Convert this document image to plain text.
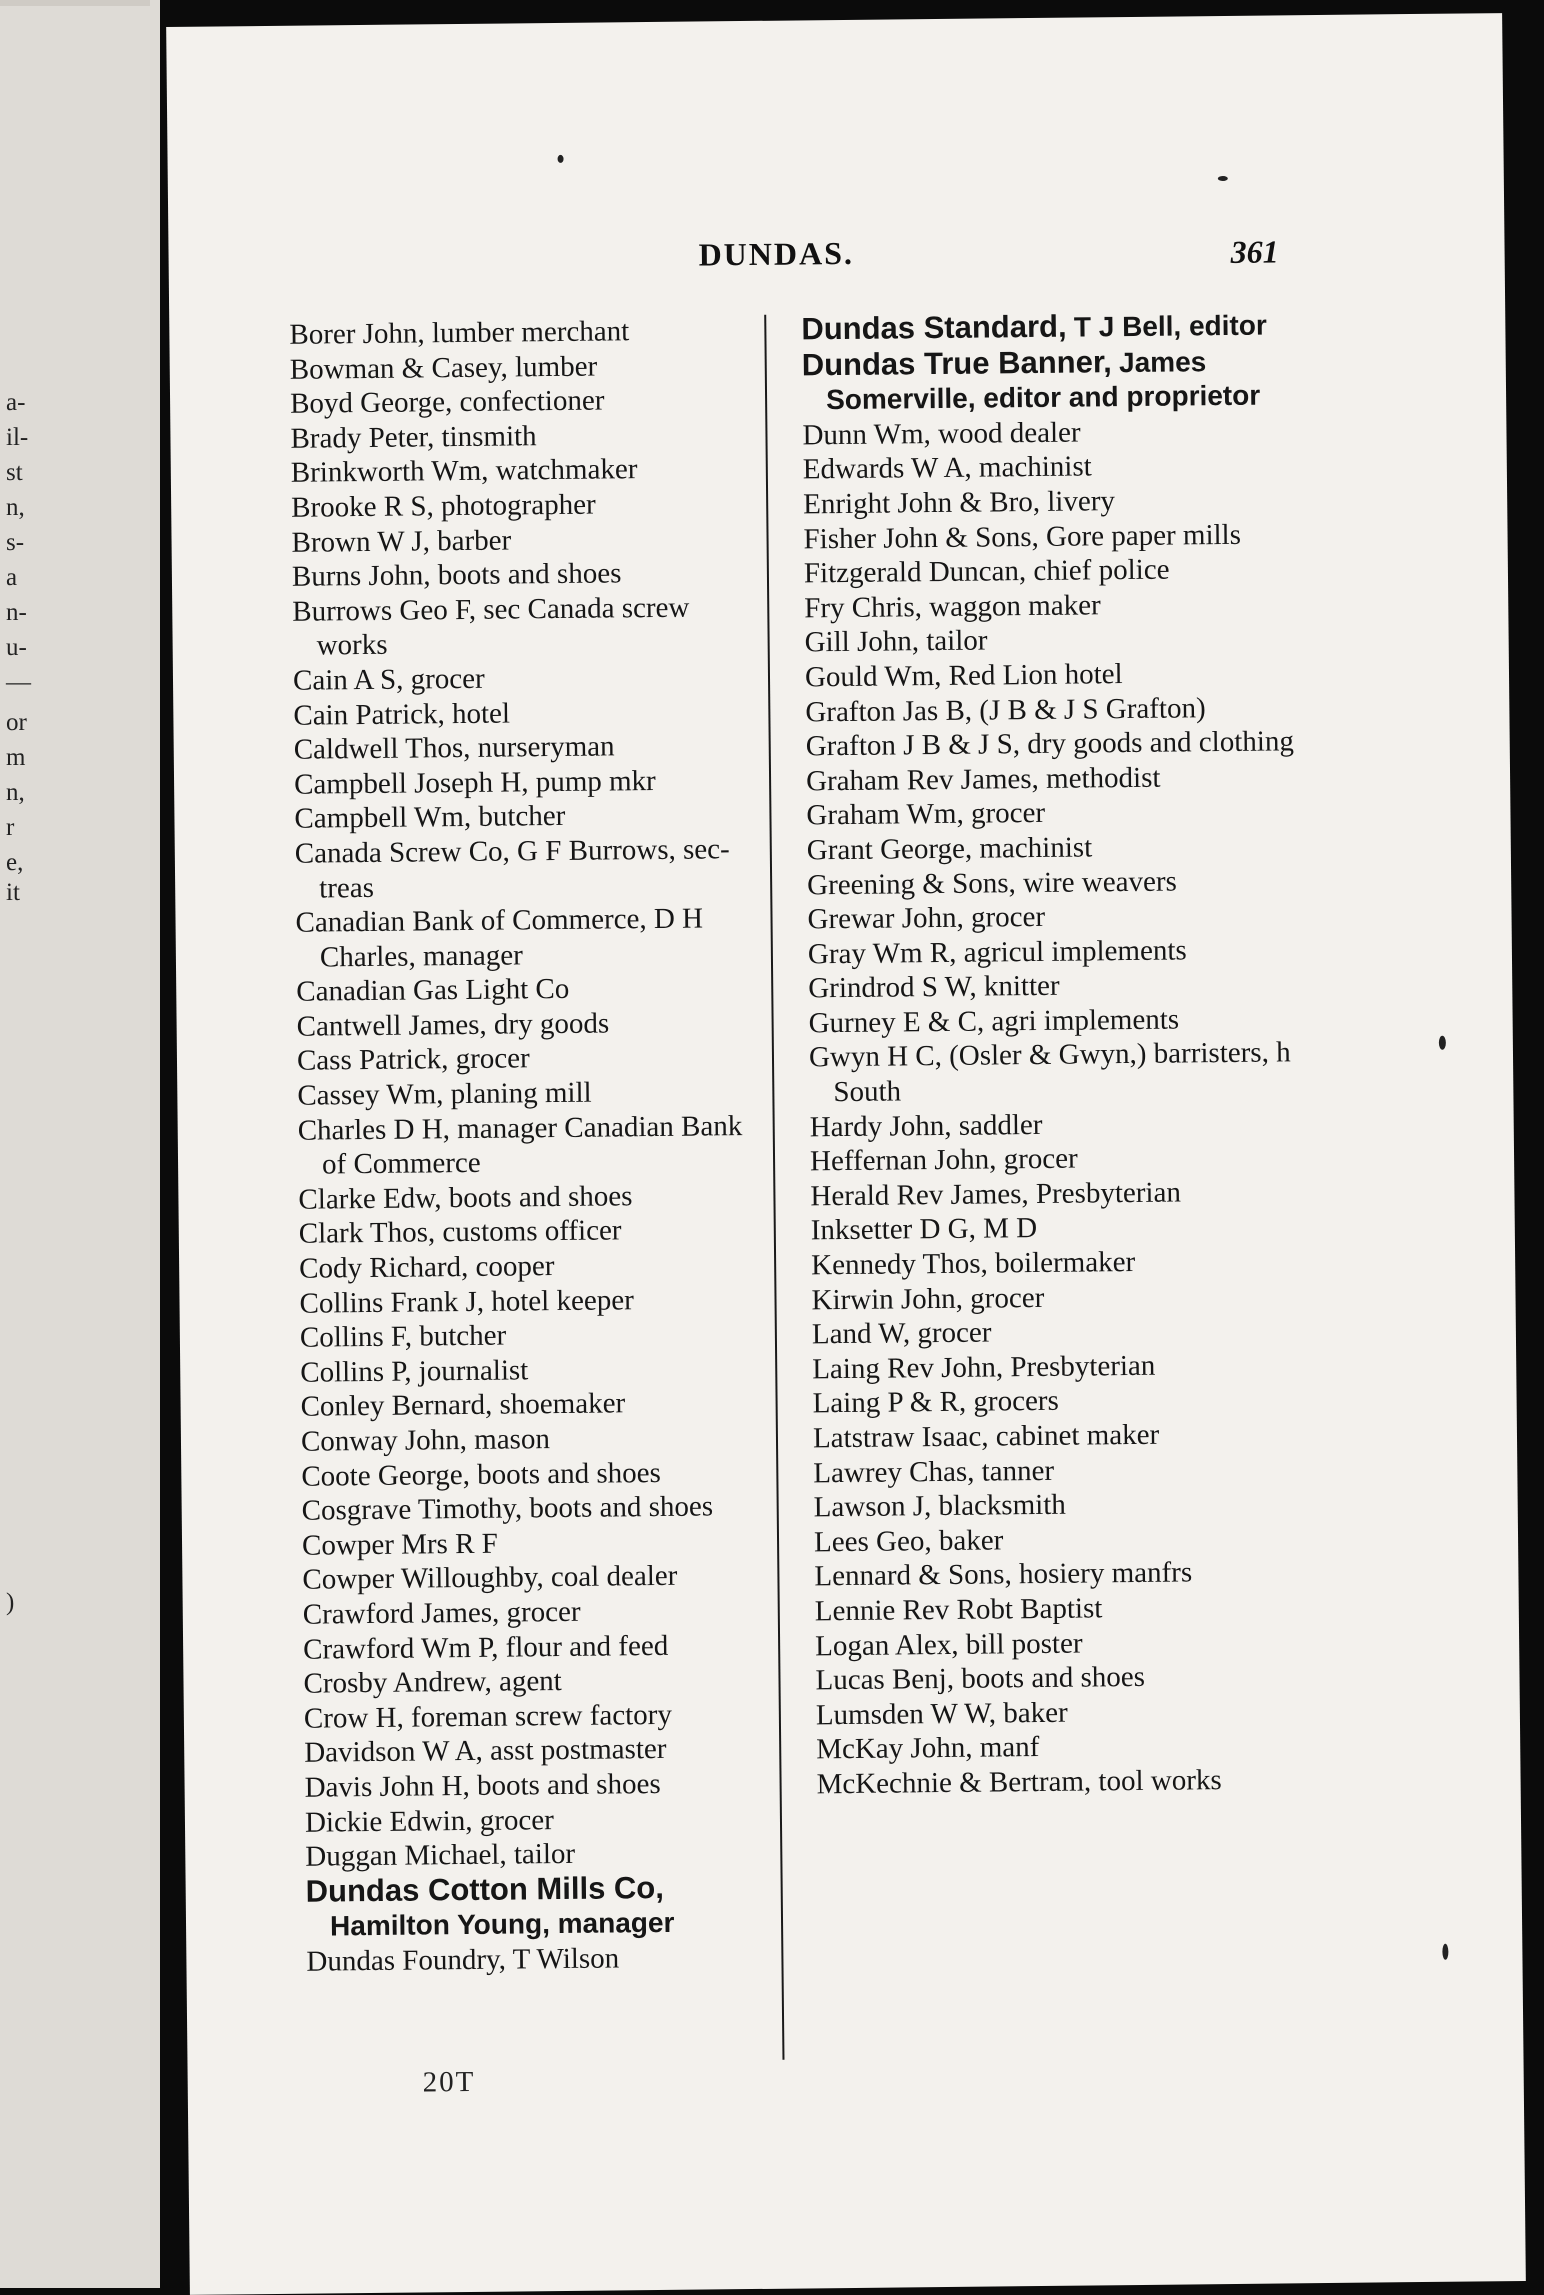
a-
il-
st
n,
s-
a
n-
u-
—
or
m
n,
r
e,
it
)
DUNDAS.	361

Borer John, lumber merchant

Bowman & Casey, lumber

Boyd George, confectioner

Brady Peter, tinsmith

Brinkworth Wm, watchmaker

Brooke R S, photographer

Brown W J, barber

Burns John, boots and shoes

Burrows Geo F, sec Canada screw works

Cain A S, grocer

Cain Patrick, hotel

Caldwell Thos, nurseryman

Campbell Joseph H, pump mkr

Campbell Wm, butcher

Canada Screw Co, G F Burrows, sec-treas

Canadian Bank of Commerce, D H Charles, manager

Canadian Gas Light Co

Cantwell James, dry goods

Cass Patrick, grocer

Cassey Wm, planing mill

Charles D H, manager Canadian Bank of Commerce

Clarke Edw, boots and shoes

Clark Thos, customs officer

Cody Richard, cooper

Collins Frank J, hotel keeper

Collins F, butcher

Collins P, journalist

Conley Bernard, shoemaker

Conway John, mason

Coote George, boots and shoes

Cosgrave Timothy, boots and shoes

Cowper Mrs R F

Cowper Willoughby, coal dealer

Crawford James, grocer

Crawford Wm P, flour and feed

Crosby Andrew, agent

Crow H, foreman screw factory

Davidson W A, asst postmaster

Davis John H, boots and shoes

Dickie Edwin, grocer

Duggan Michael, tailor

Dundas Cotton Mills Co, Hamilton Young, manager

Dundas Foundry, T Wilson

Dundas Standard, T J Bell, editor

Dundas True Banner, James Somerville, editor and proprietor

Dunn Wm, wood dealer

Edwards W A, machinist

Enright John & Bro, livery

Fisher John & Sons, Gore paper mills

Fitzgerald Duncan, chief police

Fry Chris, waggon maker

Gill John, tailor

Gould Wm, Red Lion hotel

Grafton Jas B, (J B & J S Grafton)

Grafton J B & J S, dry goods and clothing

Graham Rev James, methodist

Graham Wm, grocer

Grant George, machinist

Greening & Sons, wire weavers

Grewar John, grocer

Gray Wm R, agricul implements

Grindrod S W, knitter

Gurney E & C, agri implements

Gwyn H C, (Osler & Gwyn,) barristers, h South

Hardy John, saddler

Heffernan John, grocer

Herald Rev James, Presbyterian

Inksetter D G, M D

Kennedy Thos, boilermaker

Kirwin John, grocer

Land W, grocer

Laing Rev John, Presbyterian

Laing P & R, grocers

Latstraw Isaac, cabinet maker

Lawrey Chas, tanner

Lawson J, blacksmith

Lees Geo, baker

Lennard & Sons, hosiery manfrs

Lennie Rev Robt Baptist

Logan Alex, bill poster

Lucas Benj, boots and shoes

Lumsden W W, baker

McKay John, manf

McKechnie & Bertram, tool works

20T
